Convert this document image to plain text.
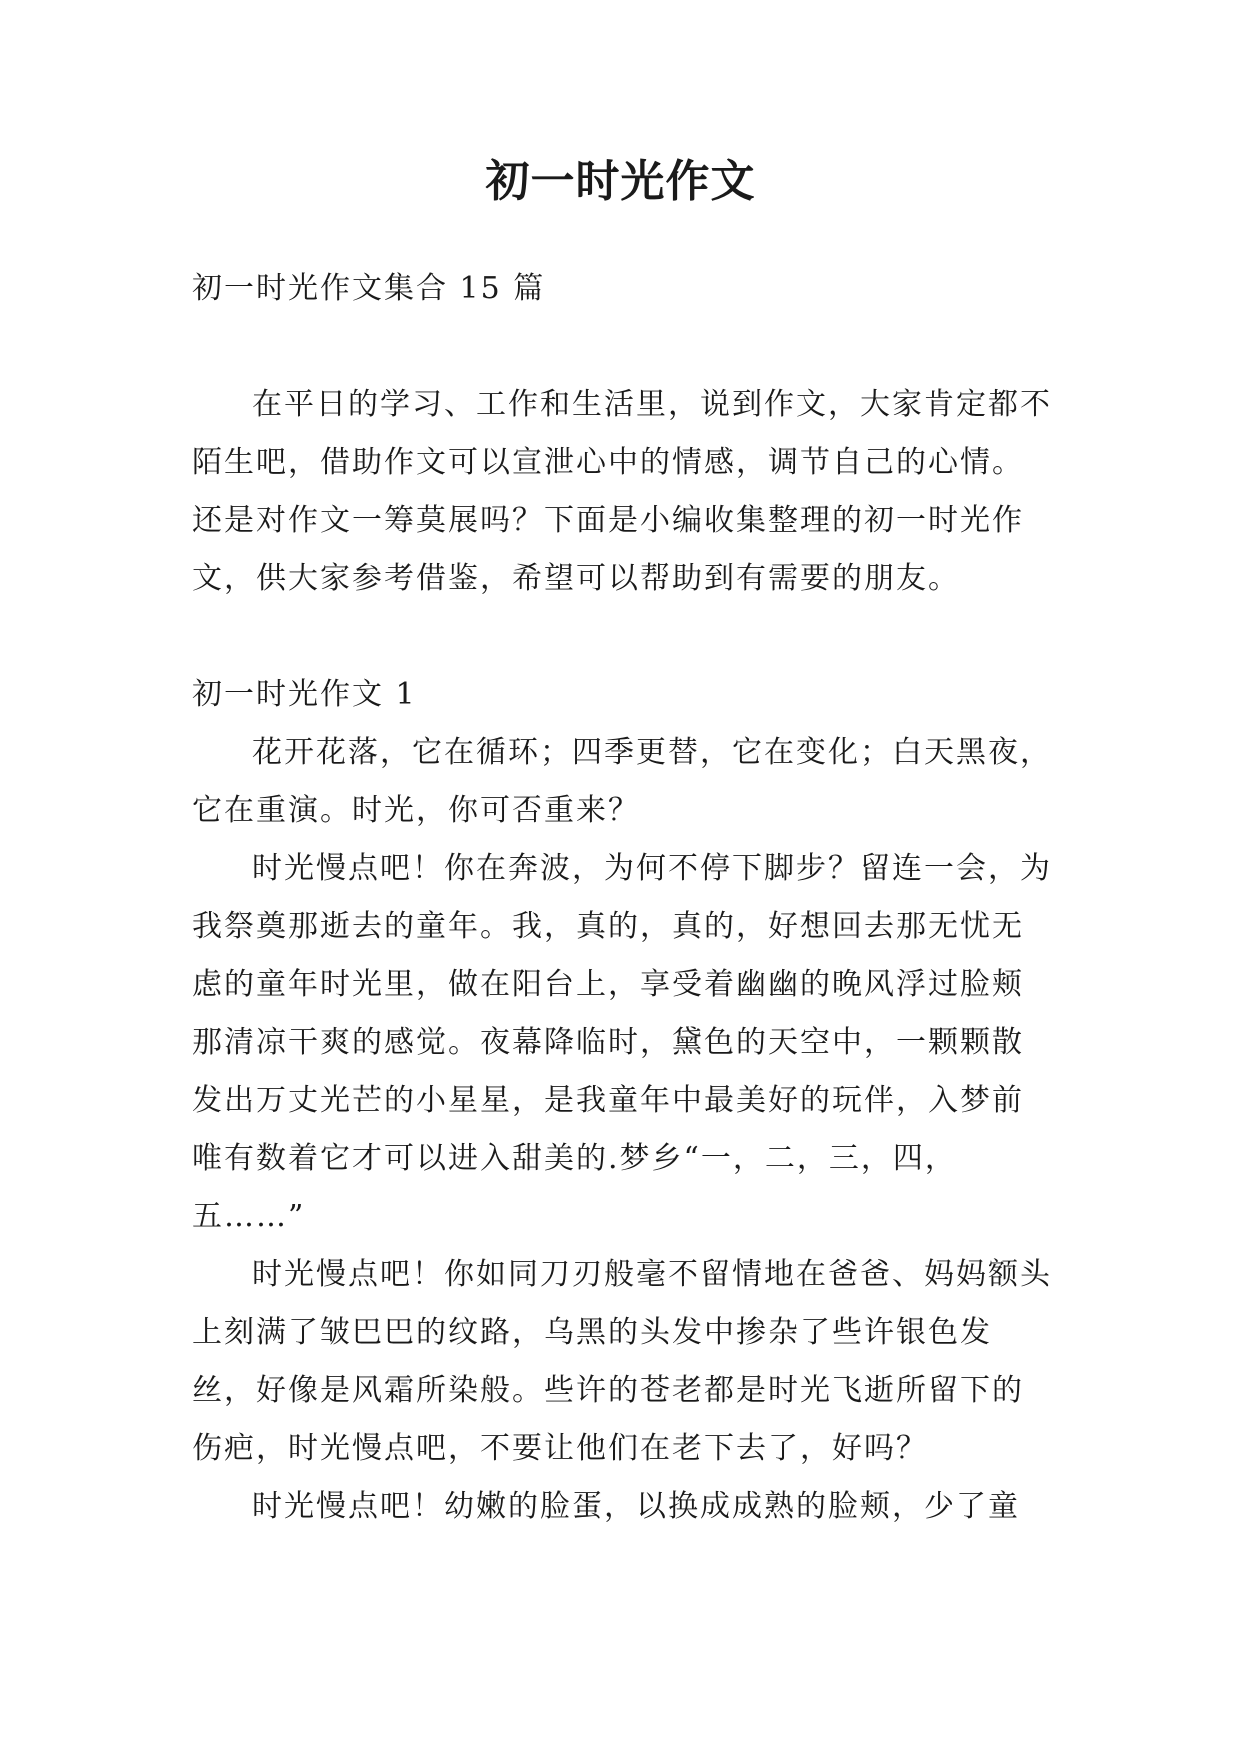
初一时光作文

初一时光作文集合 15 篇

在平日的学习、工作和生活里，说到作文，大家肯定都不陌生吧，借助作文可以宣泄心中的情感，调节自己的心情。还是对作文一筹莫展吗？下面是小编收集整理的初一时光作文，供大家参考借鉴，希望可以帮助到有需要的朋友。

初一时光作文 1

花开花落，它在循环；四季更替，它在变化；白天黑夜，它在重演。时光，你可否重来？

时光慢点吧！你在奔波，为何不停下脚步？留连一会，为我祭奠那逝去的童年。我，真的，真的，好想回去那无忧无虑的童年时光里，做在阳台上，享受着幽幽的晚风浮过脸颊那清凉干爽的感觉。夜幕降临时，黛色的天空中，一颗颗散发出万丈光芒的小星星，是我童年中最美好的玩伴，入梦前唯有数着它才可以进入甜美的.梦乡“一，二，三，四，五……”

时光慢点吧！你如同刀刃般毫不留情地在爸爸、妈妈额头上刻满了皱巴巴的纹路，乌黑的头发中掺杂了些许银色发丝，好像是风霜所染般。些许的苍老都是时光飞逝所留下的伤疤，时光慢点吧，不要让他们在老下去了，好吗？

时光慢点吧！幼嫩的脸蛋，以换成成熟的脸颊，少了童
